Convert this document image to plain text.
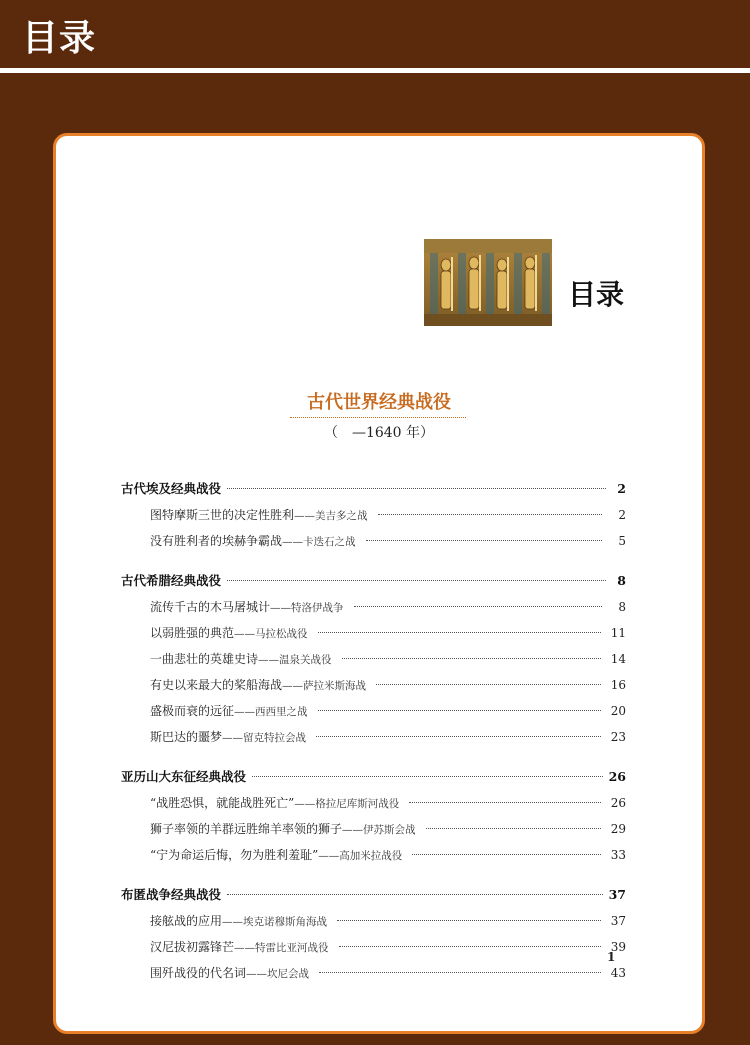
目录
目录
古代世界经典战役
（　—1640 年）
古代埃及经典战役	2
图特摩斯三世的决定性胜利 ——美吉多之战	2
没有胜利者的埃赫争霸战 ——卡迭石之战	5
古代希腊经典战役	8
流传千古的木马屠城计 ——特洛伊战争	8
以弱胜强的典范 ——马拉松战役	11
一曲悲壮的英雄史诗 ——温泉关战役	14
有史以来最大的桨船海战 ——萨拉米斯海战	16
盛极而衰的远征 ——西西里之战	20
斯巴达的噩梦 ——留克特拉会战	23
亚历山大东征经典战役	26
“战胜恐惧，就能战胜死亡” ——格拉尼库斯河战役	26
狮子率领的羊群远胜绵羊率领的狮子 ——伊苏斯会战	29
“宁为命运后悔，勿为胜利羞耻” ——高加米拉战役	33
布匿战争经典战役	37
接舷战的应用 ——埃克诺穆斯角海战	37
汉尼拔初露锋芒 ——特雷比亚河战役	39
围歼战役的代名词 ——坎尼会战	43
1
